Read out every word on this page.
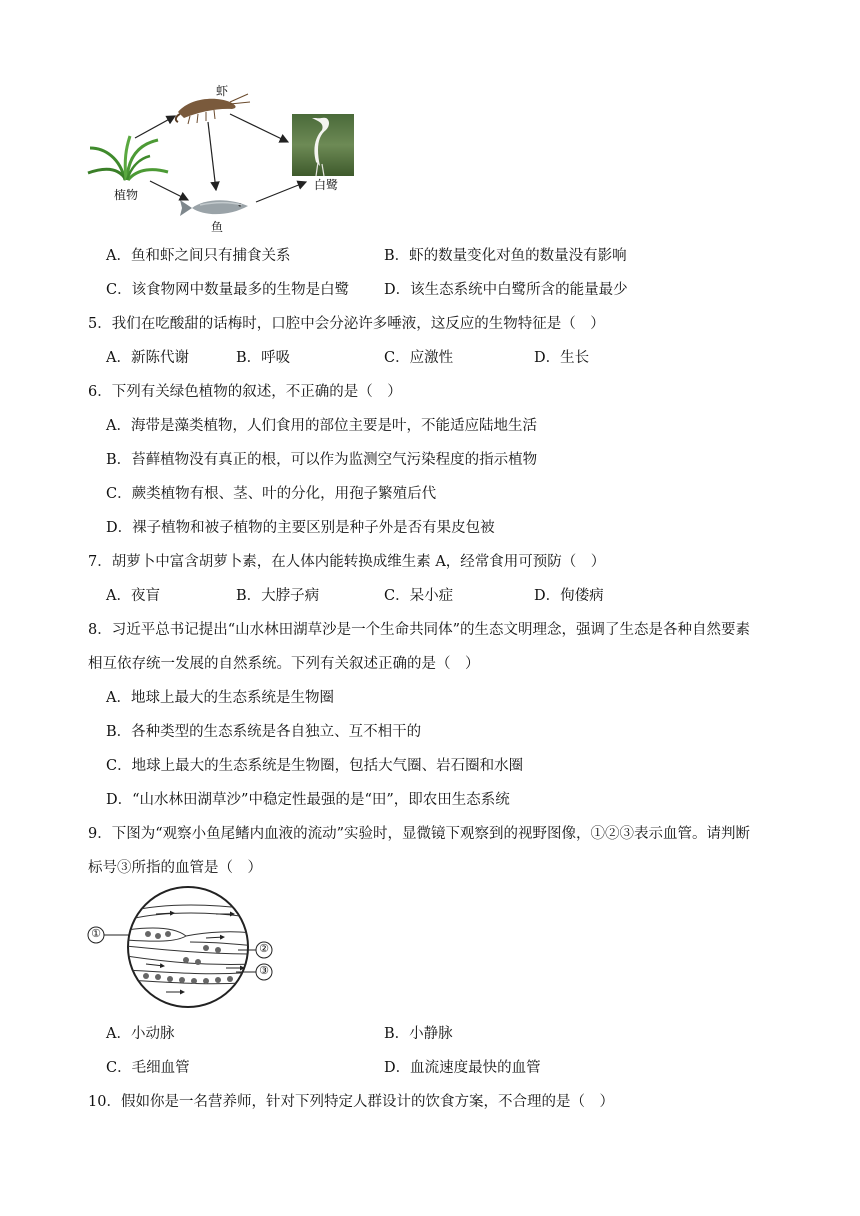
虾
植物
鱼
白鹭
A．鱼和虾之间只有捕食关系	B．虾的数量变化对鱼的数量没有影响
C．该食物网中数量最多的生物是白鹭 D．该生态系统中白鹭所含的能量最少
5．我们在吃酸甜的话梅时，口腔中会分泌许多唾液，这反应的生物特征是（　）
A．新陈代谢	B．呼吸	C．应激性	D．生长
6．下列有关绿色植物的叙述，不正确的是（　）
A．海带是藻类植物，人们食用的部位主要是叶，不能适应陆地生活
B．苔藓植物没有真正的根，可以作为监测空气污染程度的指示植物
C．蕨类植物有根、茎、叶的分化，用孢子繁殖后代
D．裸子植物和被子植物的主要区别是种子外是否有果皮包被
7．胡萝卜中富含胡萝卜素，在人体内能转换成维生素 A，经常食用可预防（　）
A．夜盲	B．大脖子病	C．呆小症	D．佝偻病
8．习近平总书记提出“山水林田湖草沙是一个生命共同体”的生态文明理念，强调了生态是各种自然要素
相互依存统一发展的自然系统。下列有关叙述正确的是（　）
A．地球上最大的生态系统是生物圈
B．各种类型的生态系统是各自独立、互不相干的
C．地球上最大的生态系统是生物圈，包括大气圈、岩石圈和水圈
D．“山水林田湖草沙”中稳定性最强的是“田”，即农田生态系统
9．下图为“观察小鱼尾鳍内血液的流动”实验时，显微镜下观察到的视野图像，①②③表示血管。请判断
标号③所指的血管是（　）
①
②
③
A．小动脉	B．小静脉
C．毛细血管	D．血流速度最快的血管
10．假如你是一名营养师，针对下列特定人群设计的饮食方案，不合理的是（　）
